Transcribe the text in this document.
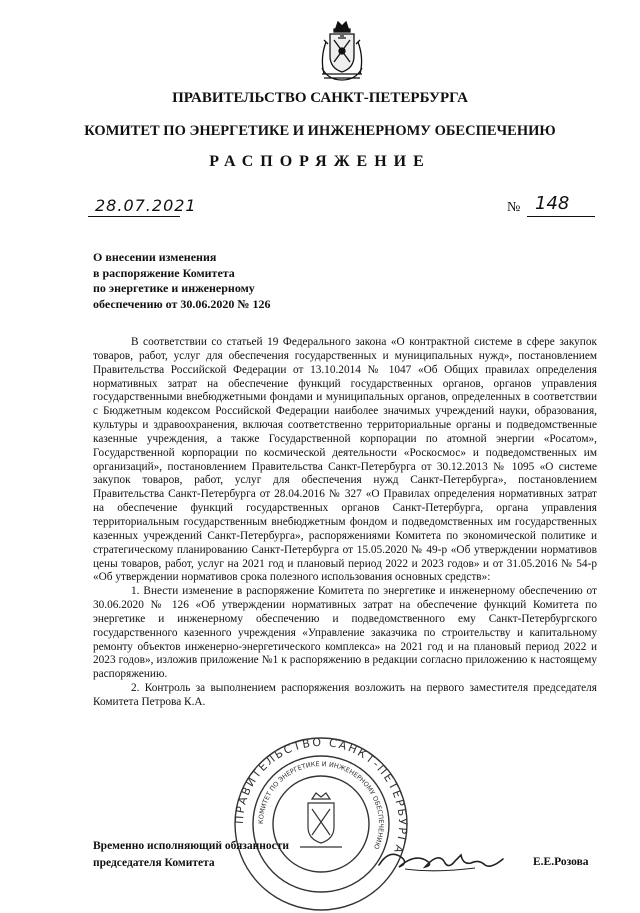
ПРАВИТЕЛЬСТВО САНКТ-ПЕТЕРБУРГА
КОМИТЕТ ПО ЭНЕРГЕТИКЕ И ИНЖЕНЕРНОМУ ОБЕСПЕЧЕНИЮ
РАСПОРЯЖЕНИЕ
28.07.2021	№ 148
О внесении изменения
в распоряжение Комитета
по энергетике и инженерному
обеспечению от 30.06.2020 № 126

В соответствии со статьей 19 Федерального закона «О контрактной системе в сфере закупок товаров, работ, услуг для обеспечения государственных и муниципальных нужд», постановлением Правительства Российской Федерации от 13.10.2014 № 1047 «Об Общих правилах определения нормативных затрат на обеспечение функций государственных органов, органов управления государственными внебюджетными фондами и муниципальных органов, определенных в соответствии с Бюджетным кодексом Российской Федерации наиболее значимых учреждений науки, образования, культуры и здравоохранения, включая соответственно территориальные органы и подведомственные казенные учреждения, а также Государственной корпорации по атомной энергии «Росатом», Государственной корпорации по космической деятельности «Роскосмос» и подведомственных им организаций», постановлением Правительства Санкт-Петербурга от 30.12.2013 № 1095 «О системе закупок товаров, работ, услуг для обеспечения нужд Санкт-Петербурга», постановлением Правительства Санкт-Петербурга от 28.04.2016 № 327 «О Правилах определения нормативных затрат на обеспечение функций государственных органов Санкт-Петербурга, органа управления территориальным государственным внебюджетным фондом и подведомственных им государственных казенных учреждений Санкт-Петербурга», распоряжениями Комитета по экономической политике и стратегическому планированию Санкт-Петербурга от 15.05.2020 № 49-р «Об утверждении нормативов цены товаров, работ, услуг на 2021 год и плановый период 2022 и 2023 годов» и от 31.05.2016 № 54-р «Об утверждении нормативов срока полезного использования основных средств»:

1. Внести изменение в распоряжение Комитета по энергетике и инженерному обеспечению от 30.06.2020 № 126 «Об утверждении нормативных затрат на обеспечение функций Комитета по энергетике и инженерному обеспечению и подведомственного ему Санкт-Петербургского государственного казенного учреждения «Управление заказчика по строительству и капитальному ремонту объектов инженерно-энергетического комплекса» на 2021 год и на плановый период 2022 и 2023 годов», изложив приложение №1 к распоряжению в редакции согласно приложению к настоящему распоряжению.

2. Контроль за выполнением распоряжения возложить на первого заместителя председателя Комитета Петрова К.А.

ПРАВИТЕЛЬСТВО САНКТ-ПЕТЕРБУРГА
КОМИТЕТ ПО ЭНЕРГЕТИКЕ И ИНЖЕНЕРНОМУ ОБЕСПЕЧЕНИЮ
Временно исполняющий обязанности
председателя Комитета	Е.Е.Розова
